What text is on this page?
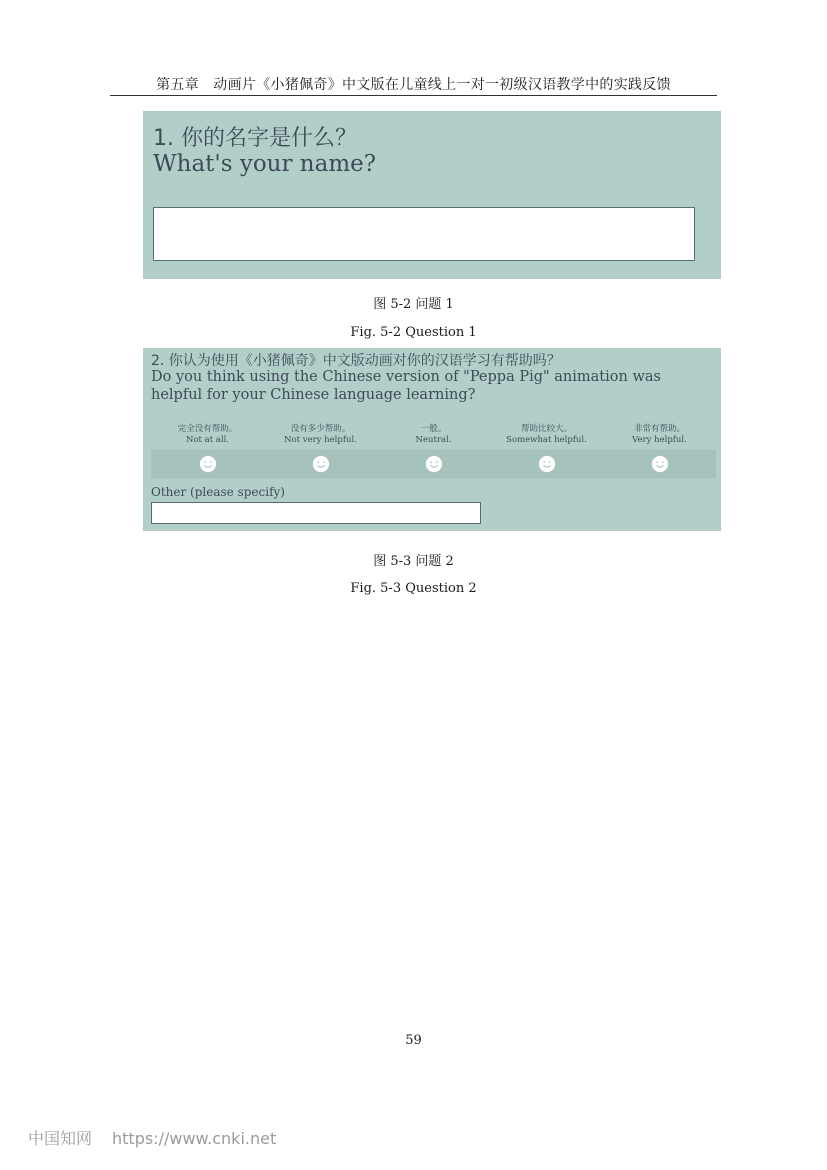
第五章　动画片《小猪佩奇》中文版在儿童线上一对一初级汉语教学中的实践反馈
1. 你的名字是什么？
What's your name?
图 5-2 问题 1
Fig. 5-2 Question 1
2. 你认为使用《小猪佩奇》中文版动画对你的汉语学习有帮助吗？
Do you think using the Chinese version of "Peppa Pig" animation was helpful for your Chinese language learning?
完全没有帮助。
Not at all.
没有多少帮助。
Not very helpful.
一般。
Neutral.
帮助比较大。
Somewhat helpful.
非常有帮助。
Very helpful.
Other (please specify)
图 5-3 问题 2
Fig. 5-3 Question 2
59
中国知网 https://www.cnki.net
